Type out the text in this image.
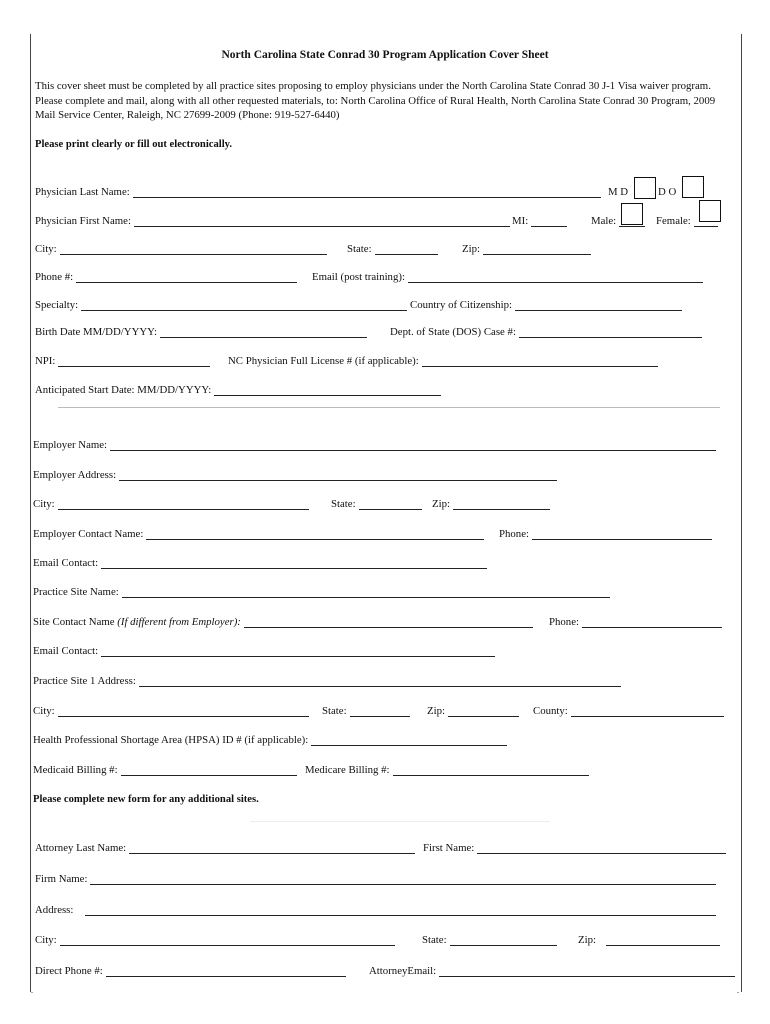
North Carolina State Conrad 30 Program Application Cover Sheet
This cover sheet must be completed by all practice sites proposing to employ physicians under the North Carolina State Conrad 30 J-1 Visa waiver program. Please complete and mail, along with all other requested materials, to: North Carolina Office of Rural Health, North Carolina State Conrad 30 Program, 2009 Mail Service Center, Raleigh, NC 27699-2009 (Phone: 919-527-6440)
Please print clearly or fill out electronically.
Physician Last Name:	M D	D O
Physician First Name:	MI:	Male:	Female:
City:	State:	Zip:
Phone #:	Email (post training):
Specialty:	Country of Citizenship:
Birth Date MM/DD/YYYY:	Dept. of State (DOS) Case #:
NPI:	NC Physician Full License # (if applicable):
Anticipated Start Date: MM/DD/YYYY:
Employer Name:
Employer Address:
City:	State:	Zip:
Employer Contact Name:	Phone:
Email Contact:
Practice Site Name:
Site Contact Name (If different from Employer):	Phone:
Email Contact:
Practice Site 1 Address:
City:	State:	Zip:	County:
Health Professional Shortage Area (HPSA) ID # (if applicable):
Medicaid Billing #:	Medicare Billing #:
Please complete new form for any additional sites.
Attorney Last Name:	First Name:
Firm Name:
Address:
City:	State:	Zip:
Direct Phone #:	AttorneyEmail:
.	.
